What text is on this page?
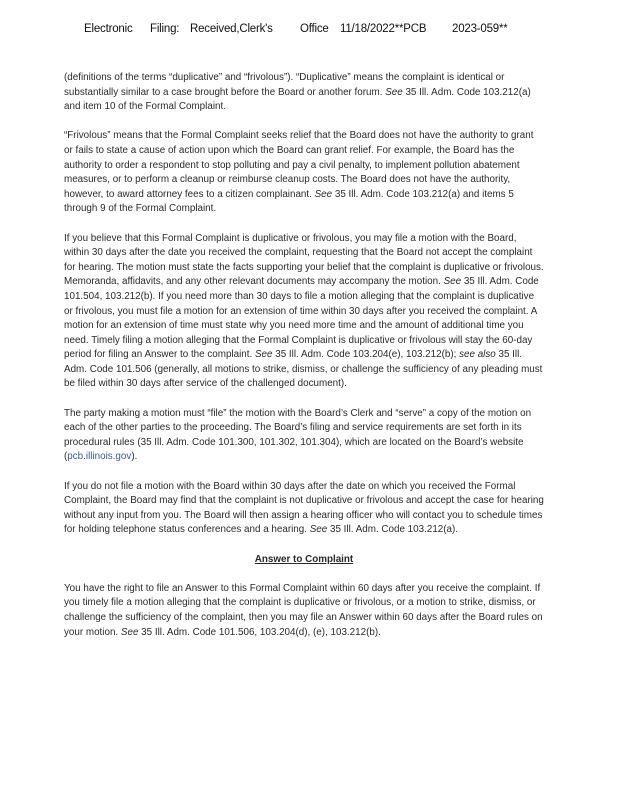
Electronic Filing: Received,Clerk's Office 11/18/2022**PCB 2023-059**

(definitions of the terms “duplicative” and “frivolous”). “Duplicative” means the complaint is identical or substantially similar to a case brought before the Board or another forum. See 35 Ill. Adm. Code 103.212(a) and item 10 of the Formal Complaint.

“Frivolous” means that the Formal Complaint seeks relief that the Board does not have the authority to grant or fails to state a cause of action upon which the Board can grant relief. For example, the Board has the authority to order a respondent to stop polluting and pay a civil penalty, to implement pollution abatement measures, or to perform a cleanup or reimburse cleanup costs. The Board does not have the authority, however, to award attorney fees to a citizen complainant. See 35 Ill. Adm. Code 103.212(a) and items 5 through 9 of the Formal Complaint.

If you believe that this Formal Complaint is duplicative or frivolous, you may file a motion with the Board, within 30 days after the date you received the complaint, requesting that the Board not accept the complaint for hearing. The motion must state the facts supporting your belief that the complaint is duplicative or frivolous. Memoranda, affidavits, and any other relevant documents may accompany the motion. See 35 Ill. Adm. Code 101.504, 103.212(b). If you need more than 30 days to file a motion alleging that the complaint is duplicative or frivolous, you must file a motion for an extension of time within 30 days after you received the complaint. A motion for an extension of time must state why you need more time and the amount of additional time you need. Timely filing a motion alleging that the Formal Complaint is duplicative or frivolous will stay the 60-day period for filing an Answer to the complaint. See 35 Ill. Adm. Code 103.204(e), 103.212(b); see also 35 Ill. Adm. Code 101.506 (generally, all motions to strike, dismiss, or challenge the sufficiency of any pleading must be filed within 30 days after service of the challenged document).

The party making a motion must “file” the motion with the Board’s Clerk and “serve” a copy of the motion on each of the other parties to the proceeding. The Board’s filing and service requirements are set forth in its procedural rules (35 Ill. Adm. Code 101.300, 101.302, 101.304), which are located on the Board’s website (pcb.illinois.gov).

If you do not file a motion with the Board within 30 days after the date on which you received the Formal Complaint, the Board may find that the complaint is not duplicative or frivolous and accept the case for hearing without any input from you. The Board will then assign a hearing officer who will contact you to schedule times for holding telephone status conferences and a hearing. See 35 Ill. Adm. Code 103.212(a).

Answer to Complaint

You have the right to file an Answer to this Formal Complaint within 60 days after you receive the complaint. If you timely file a motion alleging that the complaint is duplicative or frivolous, or a motion to strike, dismiss, or challenge the sufficiency of the complaint, then you may file an Answer within 60 days after the Board rules on your motion. See 35 Ill. Adm. Code 101.506, 103.204(d), (e), 103.212(b).
